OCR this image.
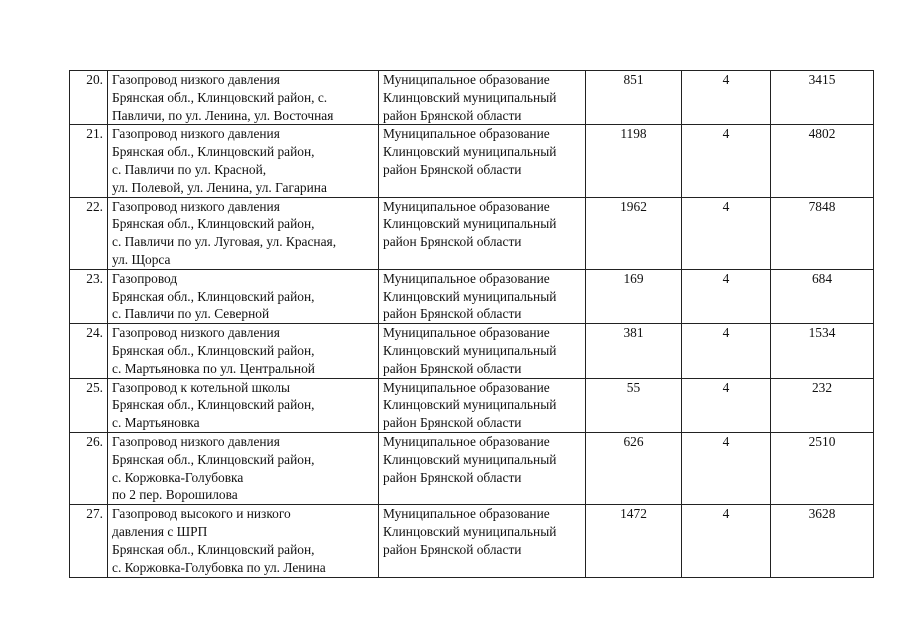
20.	Газопровод низкого давления
Брянская обл., Клинцовский район, с.
Павличи, по ул. Ленина, ул. Восточная	Муниципальное образование
Клинцовский муниципальный
район Брянской области	851	4	3415
21.	Газопровод низкого давления
Брянская обл., Клинцовский район,
с. Павличи по ул. Красной,
ул. Полевой, ул. Ленина, ул. Гагарина	Муниципальное образование
Клинцовский муниципальный
район Брянской области	1198	4	4802
22.	Газопровод низкого давления
Брянская обл., Клинцовский район,
с. Павличи по ул. Луговая, ул. Красная,
ул. Щорса	Муниципальное образование
Клинцовский муниципальный
район Брянской области	1962	4	7848
23.	Газопровод
Брянская обл., Клинцовский район,
с. Павличи по ул. Северной	Муниципальное образование
Клинцовский муниципальный
район Брянской области	169	4	684
24.	Газопровод низкого давления
Брянская обл., Клинцовский район,
с. Мартьяновка по ул. Центральной	Муниципальное образование
Клинцовский муниципальный
район Брянской области	381	4	1534
25.	Газопровод к котельной школы
Брянская обл., Клинцовский район,
с. Мартьяновка	Муниципальное образование
Клинцовский муниципальный
район Брянской области	55	4	232
26.	Газопровод низкого давления
Брянская обл., Клинцовский район,
с. Коржовка-Голубовка
по 2 пер. Ворошилова	Муниципальное образование
Клинцовский муниципальный
район Брянской области	626	4	2510
27.	Газопровод высокого и низкого
давления с ШРП
Брянская обл., Клинцовский район,
с. Коржовка-Голубовка по ул. Ленина	Муниципальное образование
Клинцовский муниципальный
район Брянской области	1472	4	3628
